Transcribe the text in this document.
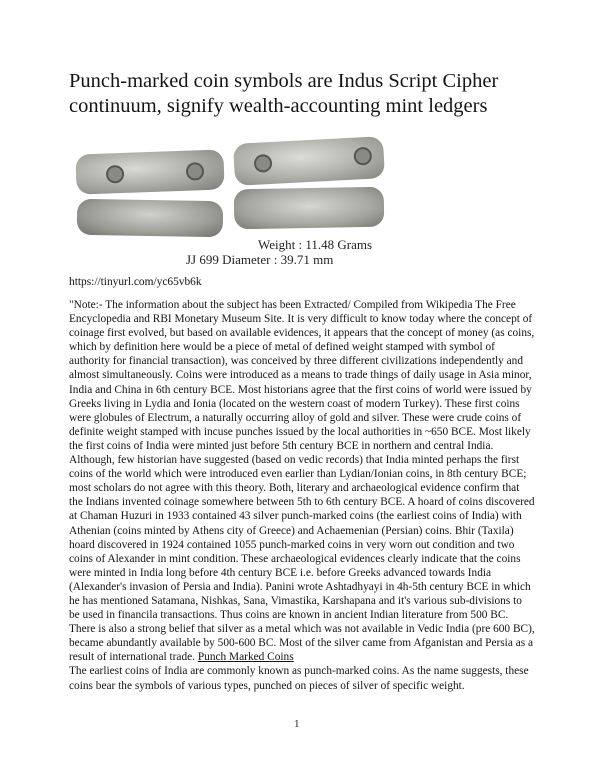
Punch-marked coin symbols are Indus Script Cipher continuum, signify wealth-accounting mint ledgers
Weight : 11.48 Grams
JJ 699 Diameter : 39.71 mm
https://tinyurl.com/yc65vb6k

"Note:- The information about the subject has been Extracted/ Compiled from Wikipedia The Free Encyclopedia and RBI Monetary Museum Site. It is very difficult to know today where the concept of coinage first evolved, but based on available evidences, it appears that the concept of money (as coins, which by definition here would be a piece of metal of defined weight stamped with symbol of authority for financial transaction), was conceived by three different civilizations independently and almost simultaneously. Coins were introduced as a means to trade things of daily usage in Asia minor, India and China in 6th century BCE. Most historians agree that the first coins of world were issued by Greeks living in Lydia and Ionia (located on the western coast of modern Turkey). These first coins were globules of Electrum, a naturally occurring alloy of gold and silver. These were crude coins of definite weight stamped with incuse punches issued by the local authorities in ~650 BCE. Most likely the first coins of India were minted just before 5th century BCE in northern and central India. Although, few historian have suggested (based on vedic records) that India minted perhaps the first coins of the world which were introduced even earlier than Lydian/Ionian coins, in 8th century BCE; most scholars do not agree with this theory. Both, literary and archaeological evidence confirm that the Indians invented coinage somewhere between 5th to 6th century BCE. A hoard of coins discovered at Chaman Huzuri in 1933 contained 43 silver punch-marked coins (the earliest coins of India) with Athenian (coins minted by Athens city of Greece) and Achaemenian (Persian) coins. Bhir (Taxila) hoard discovered in 1924 contained 1055 punch-marked coins in very worn out condition and two coins of Alexander in mint condition. These archaeological evidences clearly indicate that the coins were minted in India long before 4th century BCE i.e. before Greeks advanced towards India (Alexander's invasion of Persia and India). Panini wrote Ashtadhyayi in 4h-5th century BCE in which he has mentioned Satamana, Nishkas, Sana, Vimastika, Karshapana and it's various sub-divisions to be used in financila transactions. Thus coins are known in ancient Indian literature from 500 BC. There is also a strong belief that silver as a metal which was not available in Vedic India (pre 600 BC), became abundantly available by 500-600 BC. Most of the silver came from Afganistan and Persia as a result of international trade. Punch Marked Coins
The earliest coins of India are commonly known as punch-marked coins. As the name suggests, these coins bear the symbols of various types, punched on pieces of silver of specific weight.

1
